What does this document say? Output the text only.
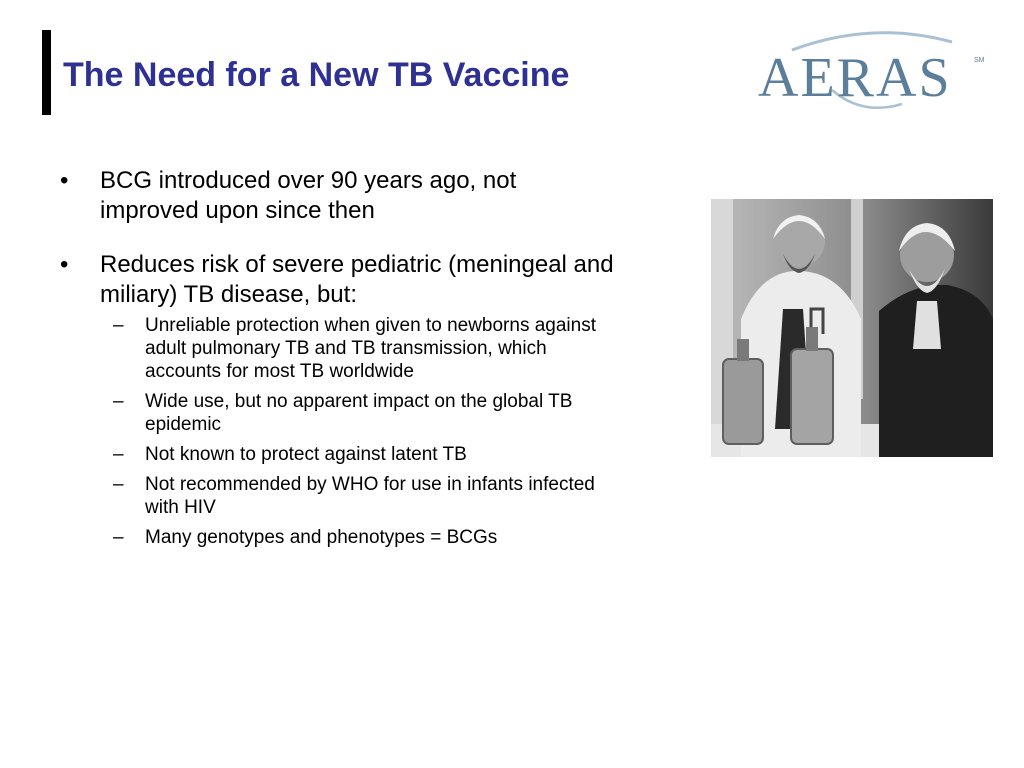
The Need for a New TB Vaccine	AERAS	SM
•	BCG introduced over 90 years ago, not improved upon since then
•	Reduces risk of severe pediatric (meningeal and miliary) TB disease, but:
– Unreliable protection when given to newborns against adult pulmonary TB and TB transmission, which accounts for most TB worldwide
– Wide use, but no apparent impact on the global TB epidemic
– Not known to protect against latent TB
– Not recommended by WHO for use in infants infected with HIV
– Many genotypes and phenotypes = BCGs
